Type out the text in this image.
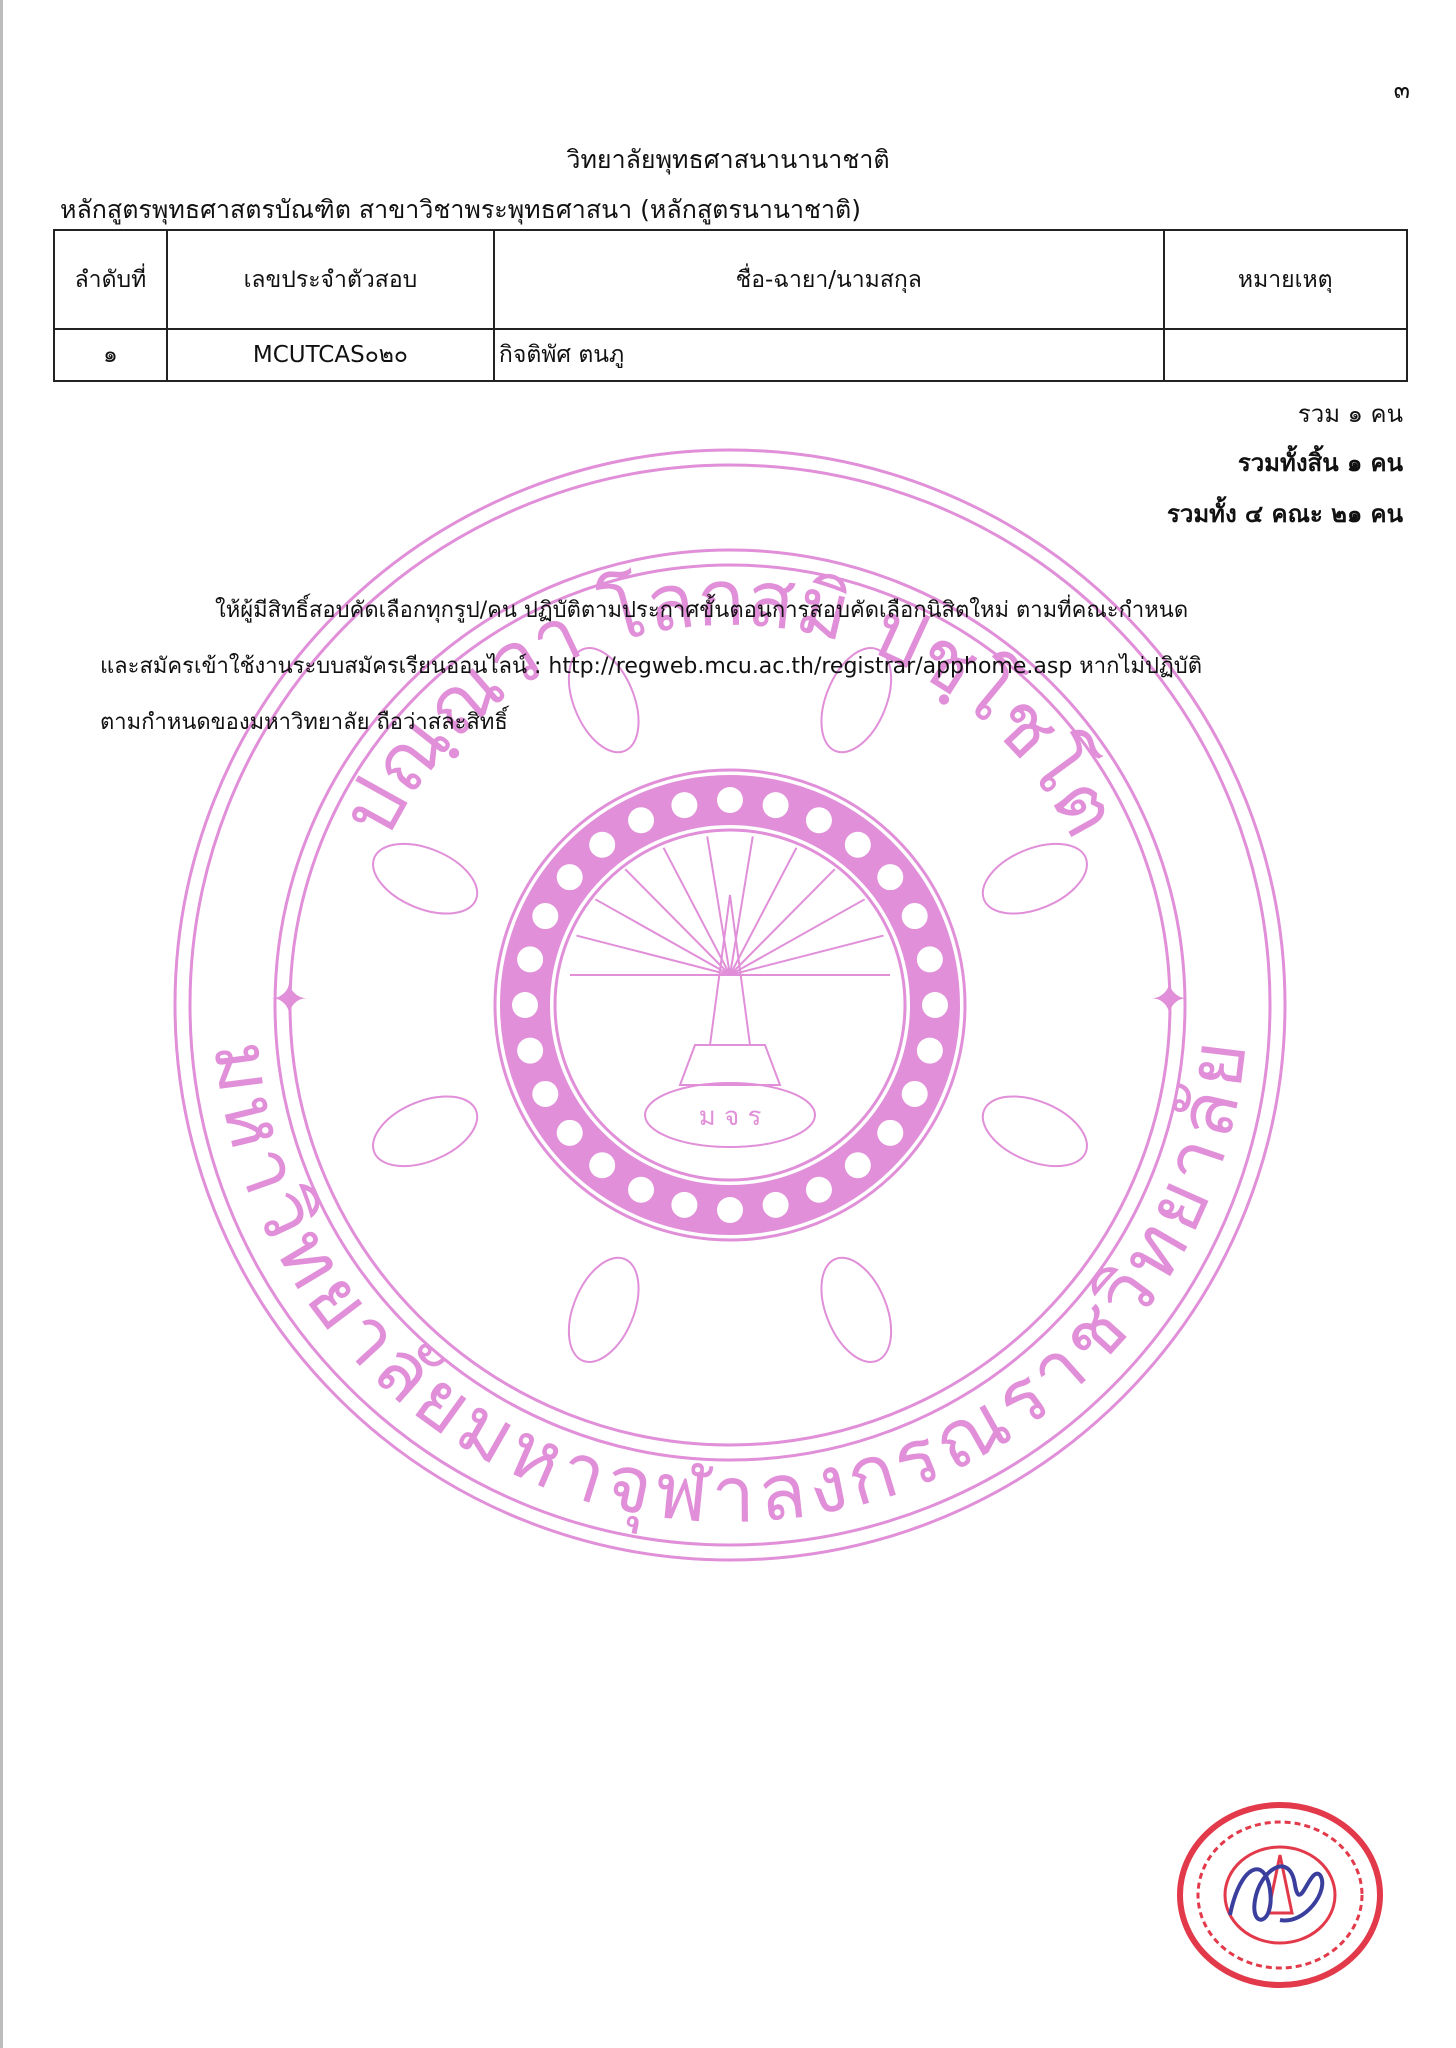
ม จ ร
ปณฺณวา โลกสมิ ปชฺโชโต
มหาวิทยาลัยมหาจุฬาลงกรณราชวิทยาลัย
✦	✦
๓
วิทยาลัยพุทธศาสนานานาชาติ
หลักสูตรพุทธศาสตรบัณฑิต สาขาวิชาพระพุทธศาสนา (หลักสูตรนานาชาติ)
ลำดับที่	เลขประจำตัวสอบ	ชื่อ-ฉายา/นามสกุล	หมายเหตุ
๑	MCUTCAS๐๒๐	กิจติพัศ ตนภู	
รวม ๑ คน
รวมทั้งสิ้น ๑ คน
รวมทั้ง ๔ คณะ ๒๑ คน
ให้ผู้มีสิทธิ์สอบคัดเลือกทุกรูป/คน ปฏิบัติตามประกาศขั้นตอนการสอบคัดเลือกนิสิตใหม่ ตามที่คณะกำหนด
และสมัครเข้าใช้งานระบบสมัครเรียนออนไลน์ : http://regweb.mcu.ac.th/registrar/apphome.asp หากไม่ปฏิบัติ
ตามกำหนดของมหาวิทยาลัย ถือว่าสละสิทธิ์
